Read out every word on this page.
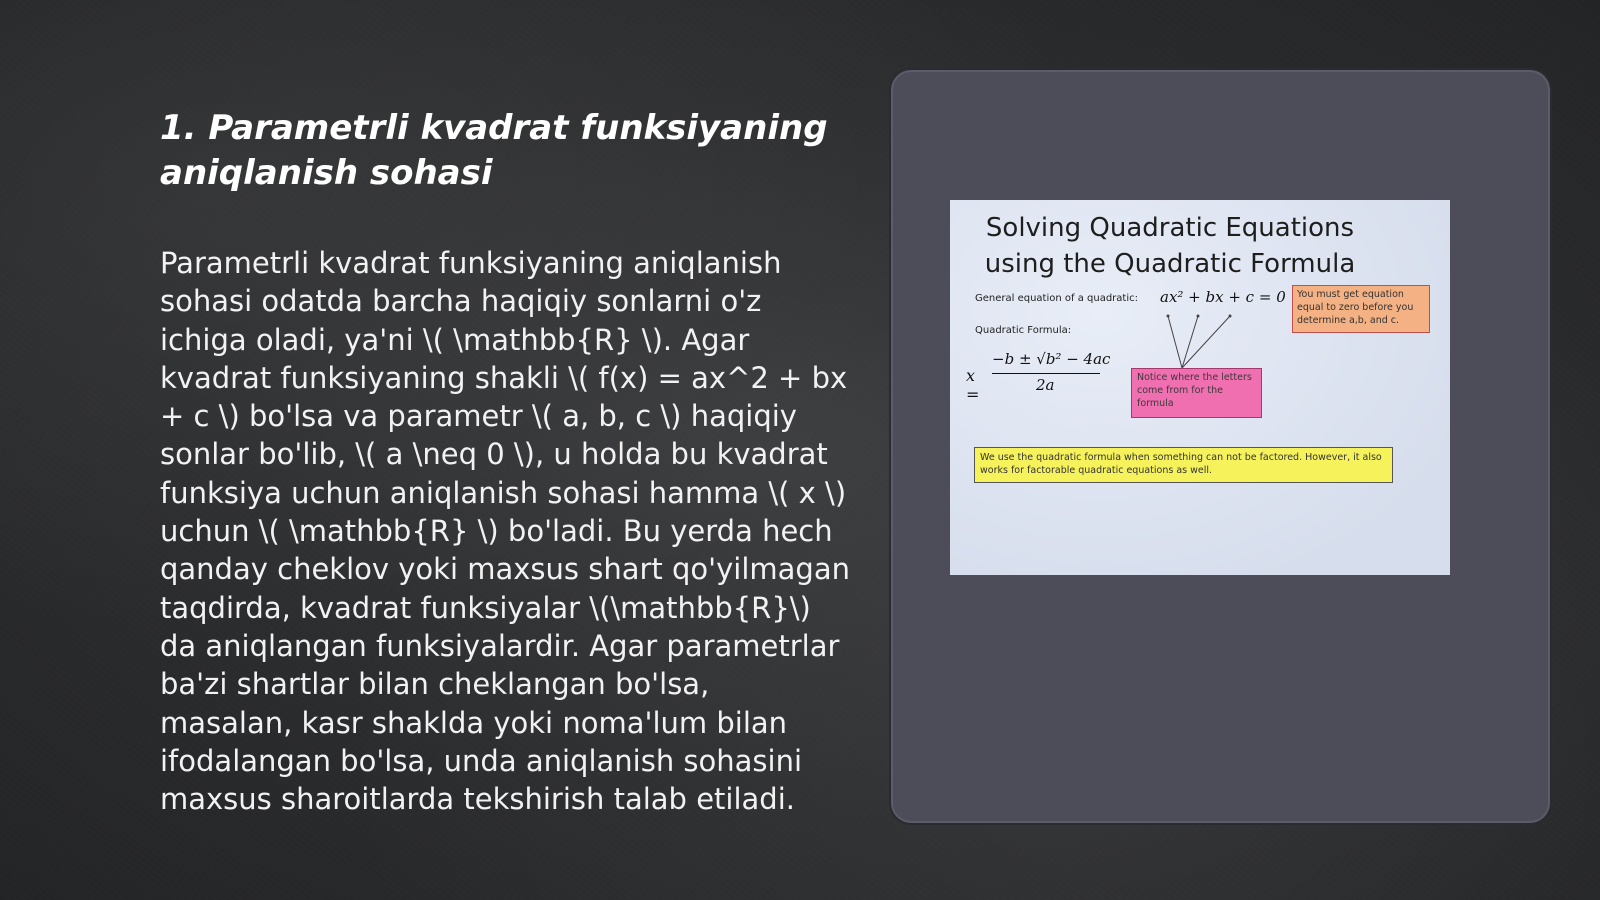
1. Parametrli kvadrat funksiyaning aniqlanish sohasi

Parametrli kvadrat funksiyaning aniqlanish sohasi odatda barcha haqiqiy sonlarni o'z ichiga oladi, ya'ni \( \mathbb{R} \). Agar kvadrat funksiyaning shakli \( f(x) = ax^2 + bx + c \) bo'lsa va parametr \( a, b, c \) haqiqiy sonlar bo'lib, \( a \neq 0 \), u holda bu kvadrat funksiya uchun aniqlanish sohasi hamma \( x \) uchun \( \mathbb{R} \) bo'ladi. Bu yerda hech qanday cheklov yoki maxsus shart qo'yilmagan taqdirda, kvadrat funksiyalar \(\mathbb{R}\) da aniqlangan funksiyalardir. Agar parametrlar ba'zi shartlar bilan cheklangan bo'lsa, masalan, kasr shaklda yoki noma'lum bilan ifodalangan bo'lsa, unda aniqlanish sohasini maxsus sharoitlarda tekshirish talab etiladi.

Solving Quadratic Equations
using the Quadratic Formula
General equation of a quadratic: ax² + bx + c = 0
Quadratic Formula:
x =
−b ± √b² − 4ac
2a
You must get equation equal to zero before you determine a,b, and c.
Notice where the letters come from for the formula
We use the quadratic formula when something can not be factored. However, it also works for factorable quadratic equations as well.
